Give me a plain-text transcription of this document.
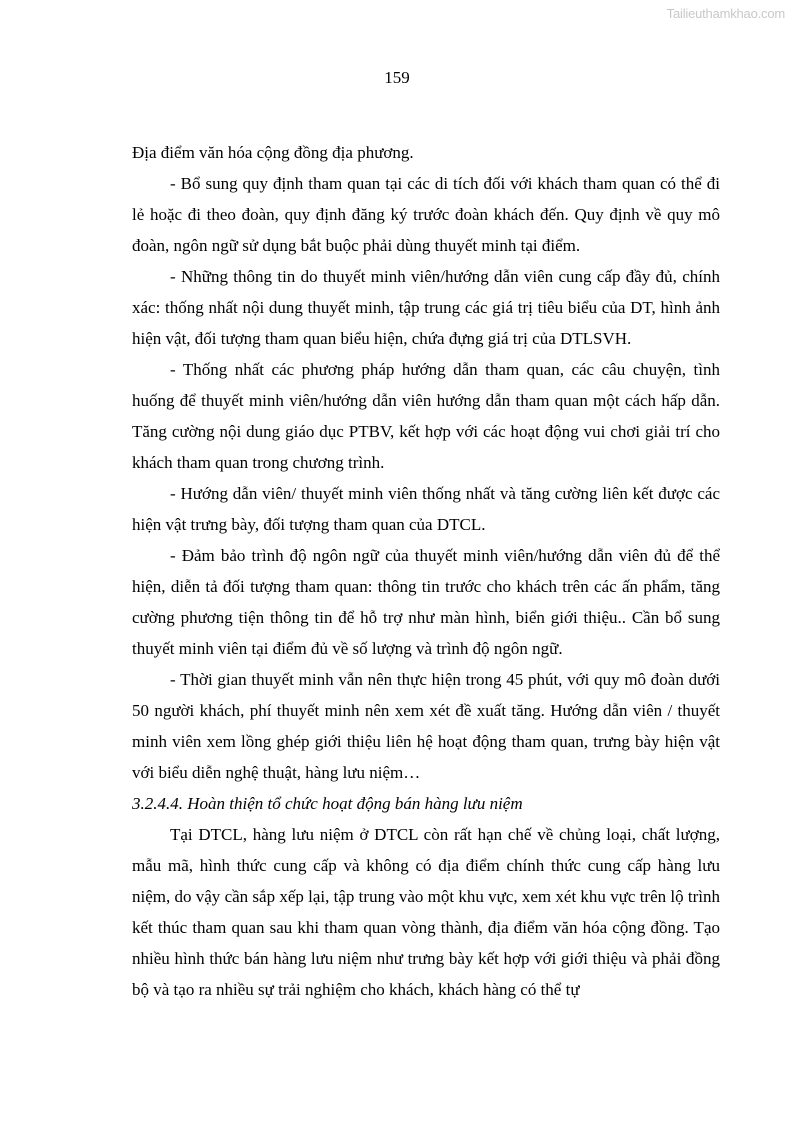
Tailieuthamkhao.com
159

Địa điểm văn hóa cộng đồng địa phương.

- Bổ sung quy định tham quan tại các di tích đối với khách tham quan có thể đi lẻ hoặc đi theo đoàn, quy định đăng ký trước đoàn khách đến. Quy định về quy mô đoàn, ngôn ngữ sử dụng bắt buộc phải dùng thuyết minh tại điểm.

- Những thông tin do thuyết minh viên/hướng dẫn viên cung cấp đầy đủ, chính xác: thống nhất nội dung thuyết minh, tập trung các giá trị tiêu biểu của DT, hình ảnh hiện vật, đối tượng tham quan biểu hiện, chứa đựng giá trị của DTLSVH.

- Thống nhất các phương pháp hướng dẫn tham quan, các câu chuyện, tình huống để thuyết minh viên/hướng dẫn viên hướng dẫn tham quan một cách hấp dẫn. Tăng cường nội dung giáo dục PTBV, kết hợp với các hoạt động vui chơi giải trí cho khách tham quan trong chương trình.

- Hướng dẫn viên/ thuyết minh viên thống nhất và tăng cường liên kết được các hiện vật trưng bày, đối tượng tham quan của DTCL.

- Đảm bảo trình độ ngôn ngữ của thuyết minh viên/hướng dẫn viên đủ để thể hiện, diễn tả đối tượng tham quan: thông tin trước cho khách trên các ấn phẩm, tăng cường phương tiện thông tin để hỗ trợ như màn hình, biển giới thiệu.. Cần bổ sung thuyết minh viên tại điểm đủ về số lượng và trình độ ngôn ngữ.

- Thời gian thuyết minh vẫn nên thực hiện trong 45 phút, với quy mô đoàn dưới 50 người khách, phí thuyết minh nên xem xét đề xuất tăng. Hướng dẫn viên / thuyết minh viên xem lồng ghép giới thiệu liên hệ hoạt động tham quan, trưng bày hiện vật với biểu diễn nghệ thuật, hàng lưu niệm…

3.2.4.4. Hoàn thiện tổ chức hoạt động bán hàng lưu niệm

Tại DTCL, hàng lưu niệm ở DTCL còn rất hạn chế về chủng loại, chất lượng, mẫu mã, hình thức cung cấp và không có địa điểm chính thức cung cấp hàng lưu niệm, do vậy cần sắp xếp lại, tập trung vào một khu vực, xem xét khu vực trên lộ trình kết thúc tham quan sau khi tham quan vòng thành, địa điểm văn hóa cộng đồng. Tạo nhiều hình thức bán hàng lưu niệm như trưng bày kết hợp với giới thiệu và phải đồng bộ và tạo ra nhiều sự trải nghiệm cho khách, khách hàng có thể tự
